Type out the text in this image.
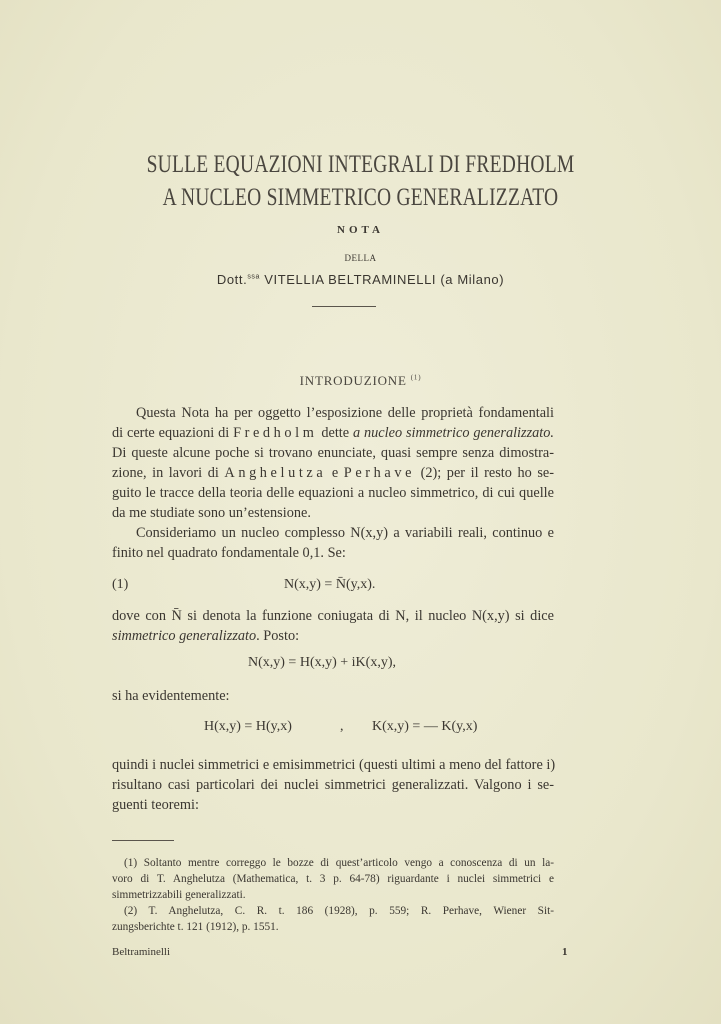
SULLE EQUAZIONI INTEGRALI DI FREDHOLM
A NUCLEO SIMMETRICO GENERALIZZATO
NOTA
DELLA
Dott.$^{ssa}$ VITELLIA BELTRAMINELLI (a Milano)
INTRODUZIONE $^{(1)}$
Questa Nota ha per oggetto l’esposizione delle proprietà fondamentali
di certe equazioni di Fredholm dette a nucleo simmetrico generalizzato.
Di queste alcune poche si trovano enunciate, quasi sempre senza dimostra-
zione, in lavori di Anghelutza e Perhave (2); per il resto ho se-
guito le tracce della teoria delle equazioni a nucleo simmetrico, di cui quelle
da me studiate sono un’estensione.
Consideriamo un nucleo complesso N(x,y) a variabili reali, continuo e
finito nel quadrato fondamentale 0,1. Se:
(1)	N(x,y) = N̄(y,x).
dove con N̄ si denota la funzione coniugata di N, il nucleo N(x,y) si dice
simmetrico generalizzato. Posto:
N(x,y) = H(x,y) + iK(x,y),
si ha evidentemente:
H(x,y) = H(y,x)	, K(x,y) = — K(y,x)
quindi i nuclei simmetrici e emisimmetrici (questi ultimi a meno del fattore i)
risultano casi particolari dei nuclei simmetrici generalizzati. Valgono i se-
guenti teoremi:
(1) Soltanto mentre correggo le bozze di quest’articolo vengo a conoscenza di un la-
voro di T. Anghelutza (Mathematica, t. 3 p. 64-78) riguardante i nuclei simmetrici e
simmetrizzabili generalizzati.
(2) T. Anghelutza, C. R. t. 186 (1928), p. 559; R. Perhave, Wiener Sit-
zungsberichte t. 121 (1912), p. 1551.
Beltraminelli	1
